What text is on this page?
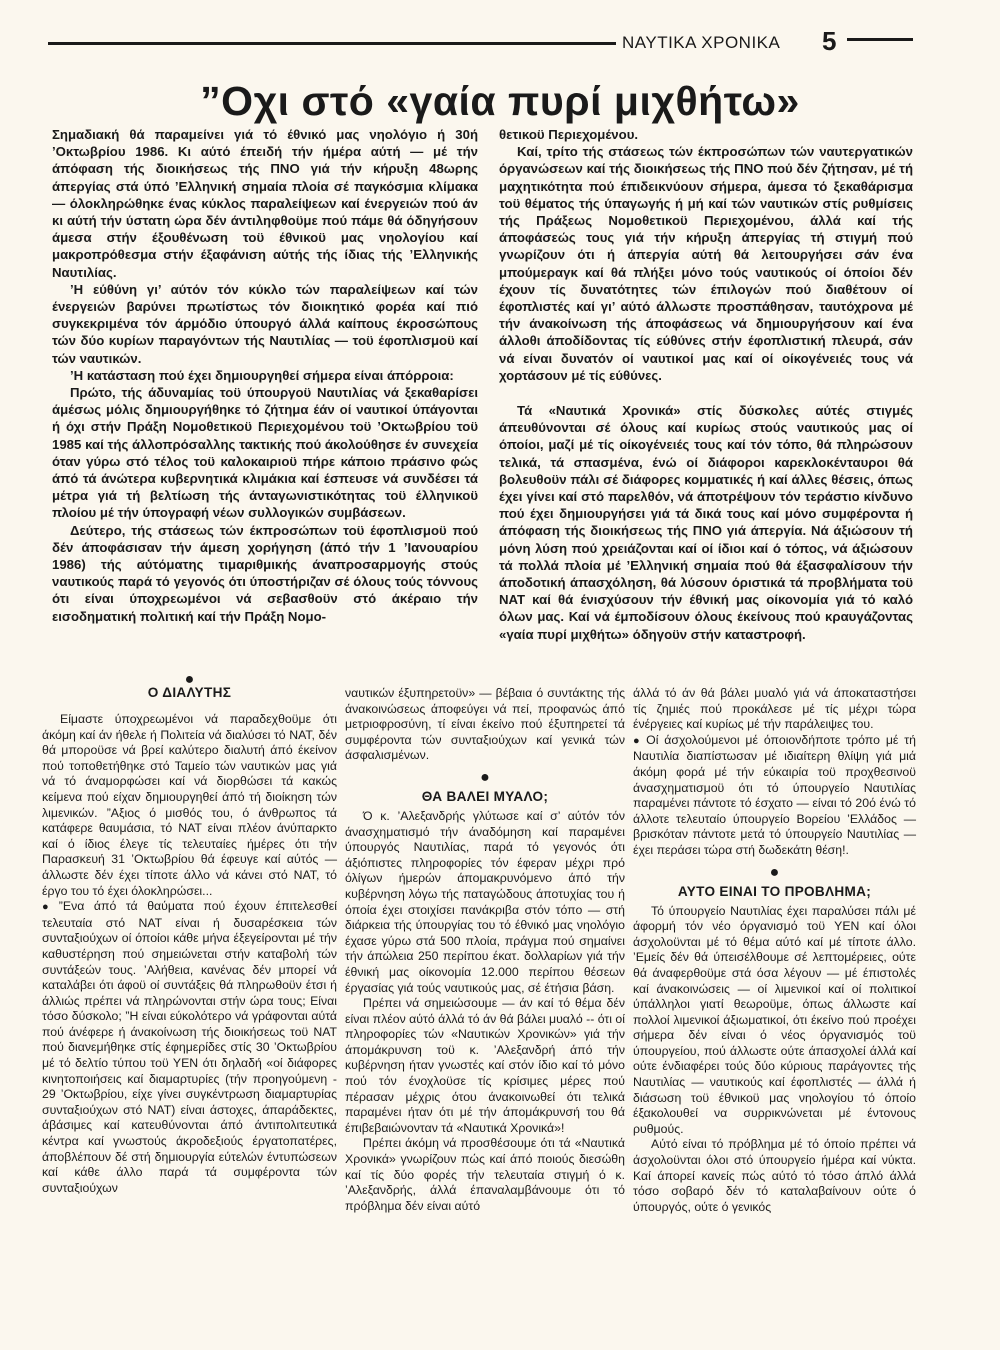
ΝΑΥΤΙΚΑ ΧΡΟΝΙΚΑ 5
”Οχι στό «γαία πυρί μιχθήτω»

Σημαδιακή θά παραμείνει γιά τό έθνικό μας νηολόγιο ή 30ή ’Οκτωβρίου 1986. Κι αύτό έπειδή τήν ήμέρα αύτή — μέ τήν άπόφαση τής διοικήσεως τής ΠΝΟ γιά τήν κήρυξη 48ωρης άπεργίας στά ύπό ’Ελληνική σημαία πλοία σέ παγκόσμια κλίμακα — όλοκληρώθηκε ένας κύκλος παραλείψεων καί ένεργειών πού άν κι αύτή τήν ύστατη ώρα δέν άντιληφθοϋμε πού πάμε θά όδηγήσουν άμεσα στήν έξουθένωση τοϋ έθνικοϋ μας νηολογίου καί μακροπρόθεσμα στήν έξαφάνιση αύτής τής ίδιας τής ’Ελληνικής Ναυτιλίας.

’Η εύθύνη γι’ αύτόν τόν κύκλο τών παραλείψεων καί τών ένεργειών βαρύνει πρωτίστως τόν διοικητικό φορέα καί πιό συγκεκριμένα τόν άρμόδιο ύπουργό άλλά καίπους έκροσώπους τών δύο κυρίων παραγόντων τής Ναυτιλίας — τοϋ έφοπλισμοϋ καί τών ναυτικών.

’Η κατάσταση πού έχει δημιουργηθεί σήμερα είναι άπόρροια:

Πρώτο, τής άδυναμίας τοϋ ύπουργοϋ Ναυτιλίας νά ξεκαθαρίσει άμέσως μόλις δημιουργήθηκε τό ζήτημα έάν οί ναυτικοί ύπάγονται ή όχι στήν Πράξη Νομοθετικοϋ Περιεχομένου τοϋ ’Οκτωβρίου τοϋ 1985 καί τής άλλοπρόσαλλης τακτικής πού άκολούθησε έν συνεχεία όταν γύρω στό τέλος τοϋ καλοκαιριοϋ πήρε κάποιο πράσινο φώς άπό τά άνώτερα κυβερνητικά κλιμάκια καί έσπευσε νά συνδέσει τά μέτρα γιά τή βελτίωση τής άνταγωνιστικότητας τοϋ έλληνικοϋ πλοίου μέ τήν ύπογραφή νέων συλλογικών συμβάσεων.

Δεύτερο, τής στάσεως τών έκπροσώπων τοϋ έφοπλισμοϋ πού δέν άποφάσισαν τήν άμεση χορήγηση (άπό τήν 1 ’Ιανουαρίου 1986) τής αύτόματης τιμαριθμικής άναπροσαρμογής στούς ναυτικούς παρά τό γεγονός ότι ύποστήριζαν σέ όλους τούς τόννους ότι είναι ύποχρεωμένοι νά σεβασθοϋν στό άκέραιο τήν εισοδηματική πολιτική καί τήν Πράξη Νομο-

θετικοϋ Περιεχομένου.

Καί, τρίτο τής στάσεως τών έκπροσώπων τών ναυτεργατικών όργανώσεων καί τής διοικήσεως τής ΠΝΟ πού δέν ζήτησαν, μέ τή μαχητικότητα πού έπιδεικνύουν σήμερα, άμεσα τό ξεκαθάρισμα τοϋ θέματος τής ύπαγωγής ή μή καί τών ναυτικών στίς ρυθμίσεις τής Πράξεως Νομοθετικοϋ Περιεχομένου, άλλά καί τής άποφάσεώς τους γιά τήν κήρυξη άπεργίας τή στιγμή πού γνωρίζουν ότι ή άπεργία αύτή θά λειτουργήσει σάν ένα μπούμεραγκ καί θά πλήξει μόνο τούς ναυτικούς οί όποίοι δέν έχουν τίς δυνατότητες τών έπιλογών πού διαθέτουν οί έφοπλιστές καί γι’ αύτό άλλωστε προσπάθησαν, ταυτόχρονα μέ τήν άνακοίνωση τής άποφάσεως νά δημιουργήσουν καί ένα άλλοθι άποδίδοντας τίς εύθύνες στήν έφοπλιστική πλευρά, σάν νά είναι δυνατόν οί ναυτικοί μας καί οί οίκογένειές τους νά χορτάσουν μέ τίς εύθύνες.

Τά «Ναυτικά Χρονικά» στίς δύσκολες αύτές στιγμές άπευθύνονται σέ όλους καί κυρίως στούς ναυτικούς μας οί όποίοι, μαζί μέ τίς οίκογένειές τους καί τόν τόπο, θά πληρώσουν τελικά, τά σπασμένα, ένώ οί διάφοροι καρεκλοκένταυροι θά βολευθοϋν πάλι σέ διάφορες κομματικές ή καί άλλες θέσεις, όπως έχει γίνει καί στό παρελθόν, νά άποτρέψουν τόν τεράστιο κίνδυνο πού έχει δημιουργήσει γιά τά δικά τους καί μόνο συμφέροντα ή άπόφαση τής διοικήσεως τής ΠΝΟ γιά άπεργία. Νά άξιώσουν τή μόνη λύση πού χρειάζονται καί οί ίδιοι καί ό τόπος, νά άξιώσουν τά πολλά πλοία μέ ’Ελληνική σημαία πού θά έξασφαλίσουν τήν άποδοτική άπασχόληση, θά λύσουν όριστικά τά προβλήματα τοϋ ΝΑΤ καί θά ένισχύσουν τήν έθνική μας οίκονομία γιά τό καλό όλων μας. Καί νά έμποδίσουν όλους έκείνους πού κραυγάζοντας «γαία πυρί μιχθήτω» όδηγοϋν στήν καταστροφή.

●
Ο ΔΙΑΛΥΤΗΣ

Είμαστε ύποχρεωμένοι νά παραδεχθοϋμε ότι άκόμη καί άν ήθελε ή Πολιτεία νά διαλύσει τό ΝΑΤ, δέν θά μποροϋσε νά βρεί καλύτερο διαλυτή άπό έκείνον πού τοποθετήθηκε στό Ταμείο τών ναυτικών μας γιά νά τό άναμορφώσει καί νά διορθώσει τά κακώς κείμενα πού είχαν δημιουργηθεί άπό τή διοίκηση τών λιμενικών. ”Αξιος ό μισθός του, ό άνθρωπος τά κατάφερε θαυμάσια, τό ΝΑΤ είναι πλέον άνύπαρκτο καί ό ίδιος έλεγε τίς τελευταίες ήμέρες ότι τήν Παρασκευή 31 ’Οκτωβρίου θά έφευγε καί αύτός — άλλωστε δέν έχει τίποτε άλλο νά κάνει στό ΝΑΤ, τό έργο του τό έχει όλοκληρώσει...

● ”Ενα άπό τά θαύματα πού έχουν έπιτελεσθεί τελευταία στό ΝΑΤ είναι ή δυσαρέσκεια τών συνταξιούχων οί όποίοι κάθε μήνα έξεγείρονται μέ τήν καθυστέρηση πού σημειώνεται στήν καταβολή τών συντάξεών τους. ’Αλήθεια, κανένας δέν μπορεί νά καταλάβει ότι άφοϋ οί συντάξεις θά πληρωθοϋν έτσι ή άλλιώς πρέπει νά πληρώνονται στήν ώρα τους; Είναι τόσο δύσκολο; ”Η είναι εύκολότερο νά γράφονται αύτά πού άνέφερε ή άνακοίνωση τής διοικήσεως τοϋ ΝΑΤ πού διανεμήθηκε στίς έφημερίδες στίς 30 ’Οκτωβρίου μέ τό δελτίο τύπου τοϋ ΥΕΝ ότι δηλαδή «οί διάφορες κινητοποιήσεις καί διαμαρτυρίες (τήν προηγούμενη - 29 ’Οκτωβρίου, είχε γίνει συγκέντρωση διαμαρτυρίας συνταξιούχων στό ΝΑΤ) είναι άστοχες, άπαράδεκτες, άβάσιμες καί κατευθύνονται άπό άντιπολιτευτικά κέντρα καί γνωστούς άκροδεξιούς έργατοπατέρες, άποβλέπουν δέ στή δημιουργία εύτελών έντυπώσεων καί κάθε άλλο παρά τά συμφέροντα τών συνταξιούχων

ναυτικών έξυπηρετοϋν» — βέβαια ό συντάκτης τής άνακοινώσεως άποφεύγει νά πεί, προφανώς άπό μετριοφροσύνη, τί είναι έκείνο πού έξυπηρετεί τά συμφέροντα τών συνταξιούχων καί γενικά τών άσφαλισμένων.

●
ΘΑ ΒΑΛΕΙ ΜΥΑΛΟ;

Ό κ. ’Αλεξανδρής γλύτωσε καί σ’ αύτόν τόν άνασχηματισμό τήν άναδόμηση καί παραμένει ύπουργός Ναυτιλίας, παρά τό γεγονός ότι άξιόπιστες πληροφορίες τόν έφεραν μέχρι πρό όλίγων ήμερών άπομακρυνόμενο άπό τήν κυβέρνηση λόγω τής παταγώδους άποτυχίας του ή όποία έχει στοιχίσει πανάκριβα στόν τόπο — στή διάρκεια τής ύπουργίας του τό έθνικό μας νηολόγιο έχασε γύρω στά 500 πλοία, πράγμα πού σημαίνει τήν άπώλεια 250 περίπου έκατ. δολλαρίων γιά τήν έθνική μας οίκονομία 12.000 περίπου θέσεων έργασίας γιά τούς ναυτικούς μας, σέ έτήσια βάση.

Πρέπει νά σημειώσουμε — άν καί τό θέμα δέν είναι πλέον αύτό άλλά τό άν θά βάλει μυαλό -- ότι οί πληροφορίες τών «Ναυτικών Χρονικών» γιά τήν άπομάκρυνση τοϋ κ. ’Αλεξανδρή άπό τήν κυβέρνηση ήταν γνωστές καί στόν ίδιο καί τό μόνο πού τόν ένοχλοϋσε τίς κρίσιμες μέρες πού πέρασαν μέχρις ότου άνακοινωθεί ότι τελικά παραμένει ήταν ότι μέ τήν άπομάκρυνσή του θά έπιβεβαιώνονταν τά «Ναυτικά Χρονικά»!

Πρέπει άκόμη νά προσθέσουμε ότι τά «Ναυτικά Χρονικά» γνωρίζουν πώς καί άπό ποιούς διεσώθη καί τίς δύο φορές τήν τελευταία στιγμή ό κ. ’Αλεξανδρής, άλλά έπαναλαμβάνουμε ότι τό πρόβλημα δέν είναι αύτό

άλλά τό άν θά βάλει μυαλό γιά νά άποκαταστήσει τίς ζημιές πού προκάλεσε μέ τίς μέχρι τώρα ένέργειες καί κυρίως μέ τήν παράλειψες του.

● Οί άσχολούμενοι μέ όποιονδήποτε τρόπο μέ τή Ναυτιλία διαπίστωσαν μέ ιδιαίτερη θλίψη γιά μιά άκόμη φορά μέ τήν εύκαιρία τοϋ προχθεσινοϋ άνασχηματισμοϋ ότι τό ύπουργείο Ναυτιλίας παραμένει πάντοτε τό έσχατο — είναι τό 20ό ένώ τό άλλοτε τελευταίο ύπουργείο Βορείου ’Ελλάδος — βρισκόταν πάντοτε μετά τό ύπουργείο Ναυτιλίας — έχει περάσει τώρα στή δωδεκάτη θέση!.

●
ΑΥΤΟ ΕΙΝΑΙ ΤΟ ΠΡΟΒΛΗΜΑ;

Τό ύπουργείο Ναυτιλίας έχει παραλύσει πάλι μέ άφορμή τόν νέο όργανισμό τοϋ ΥΕΝ καί όλοι άσχολοϋνται μέ τό θέμα αύτό καί μέ τίποτε άλλο. ’Εμείς δέν θά ύπεισέλθουμε σέ λεπτομέρειες, ούτε θά άναφερθοϋμε στά όσα λέγουν — μέ έπιστολές καί άνακοινώσεις — οί λιμενικοί καί οί πολιτικοί ύπάλληλοι γιατί θεωροϋμε, όπως άλλωστε καί πολλοί λιμενικοί άξιωματικοί, ότι έκείνο πού προέχει σήμερα δέν είναι ό νέος όργανισμός τοϋ ύπουργείου, πού άλλωστε ούτε άπασχολεί άλλά καί ούτε ένδιαφέρει τούς δύο κύριους παράγοντες τής Ναυτιλίας — ναυτικούς καί έφοπλιστές — άλλά ή διάσωση τοϋ έθνικοϋ μας νηολογίου τό όποίο έξακολουθεί να συρρικνώνεται μέ έντονους ρυθμούς.

Αύτό είναι τό πρόβλημα μέ τό όποίο πρέπει νά άσχολοϋνται όλοι στό ύπουργείο ήμέρα καί νύκτα. Καί άπορεί κανείς πώς αύτό τό τόσο άπλό άλλά τόσο σοβαρό δέν τό καταλαβαίνουν ούτε ό ύπουργός, ούτε ό γενικός
